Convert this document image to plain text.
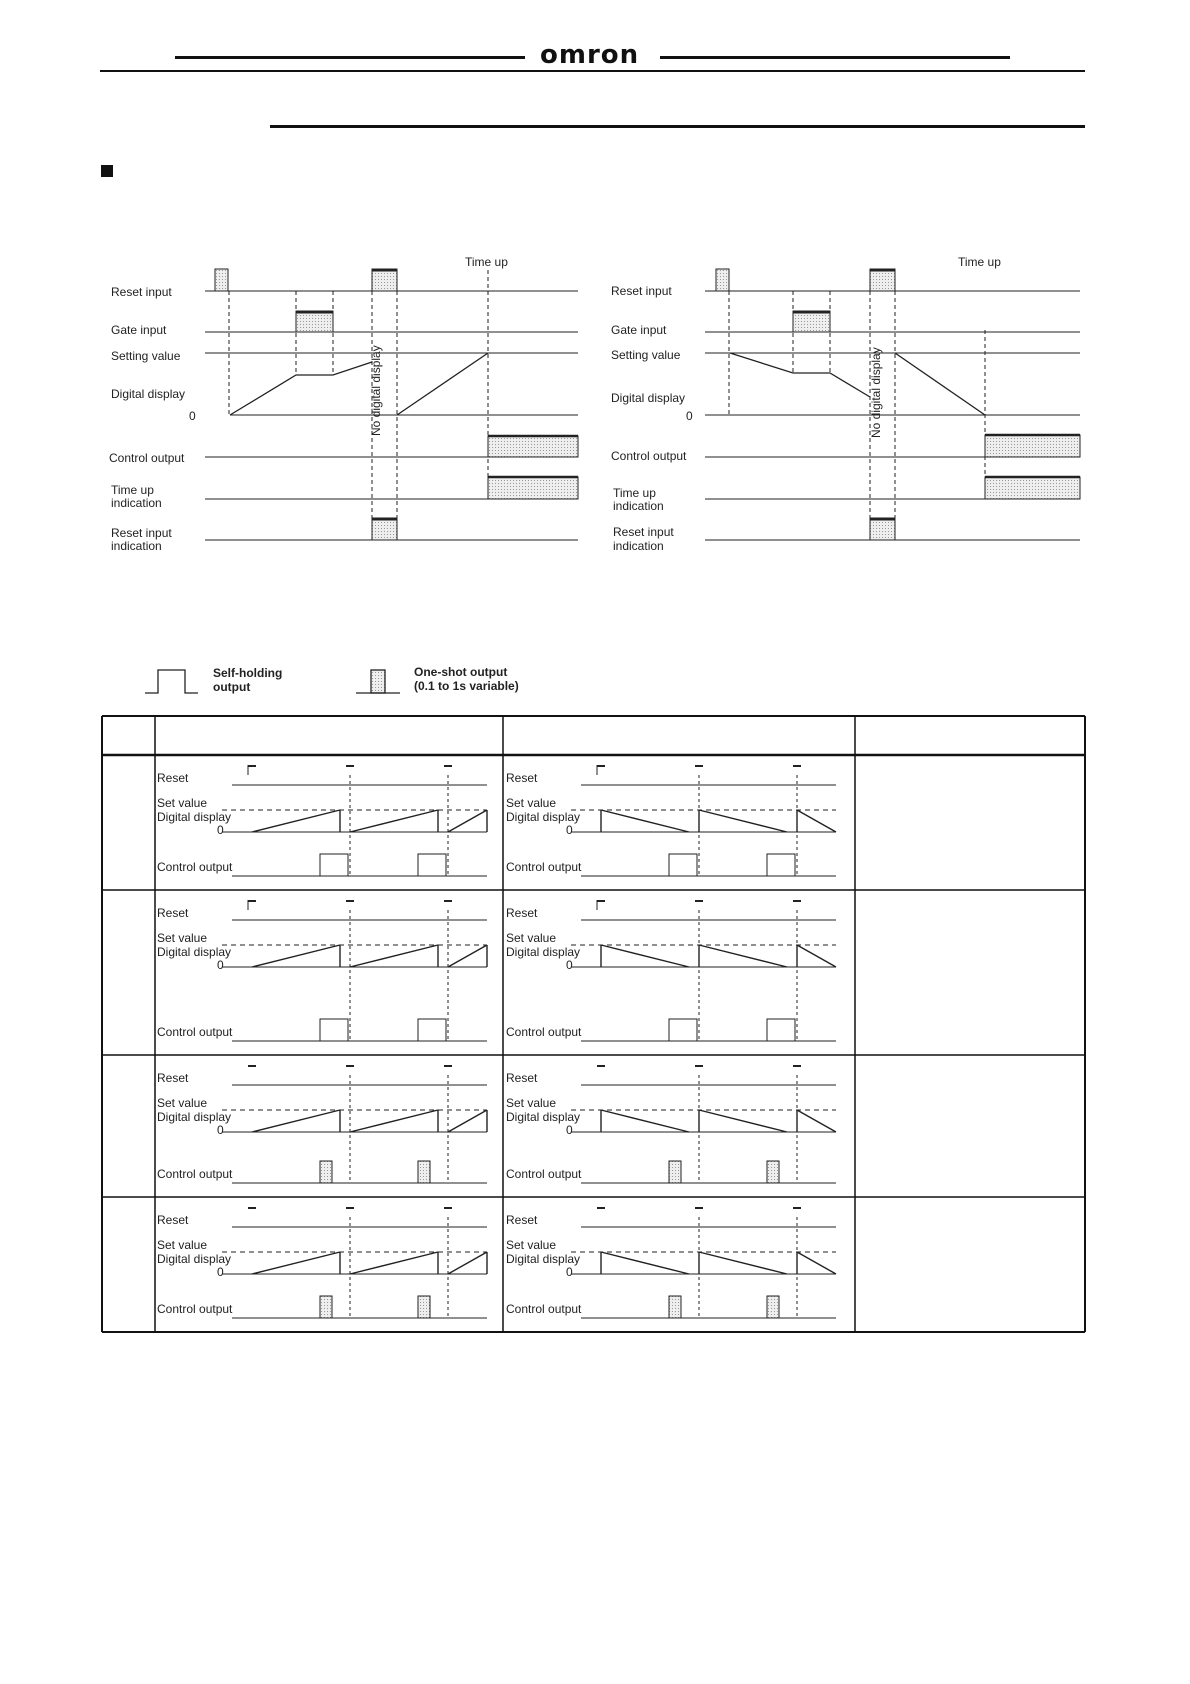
omron
Time up
Reset input
Gate input
Setting value
Digital display
0
Control output
Time up
indication
Reset input
indication
No digital display
Time up
Reset input
Gate input
Setting value
Digital display
0
Control output
Time up
indication
Reset input
indication
No digital display
Self-holding
output
One-shot output
(0.1 to 1s variable)
Reset
Set value
Digital display
0
Control output
Reset
Set value
Digital display
0
Control output
Reset
Set value
Digital display
0
Control output
Reset
Set value
Digital display
0
Control output
Reset
Set value
Digital display
0
Control output
Reset
Set value
Digital display
0
Control output
Reset
Set value
Digital display
0
Control output
Reset
Set value
Digital display
0
Control output
